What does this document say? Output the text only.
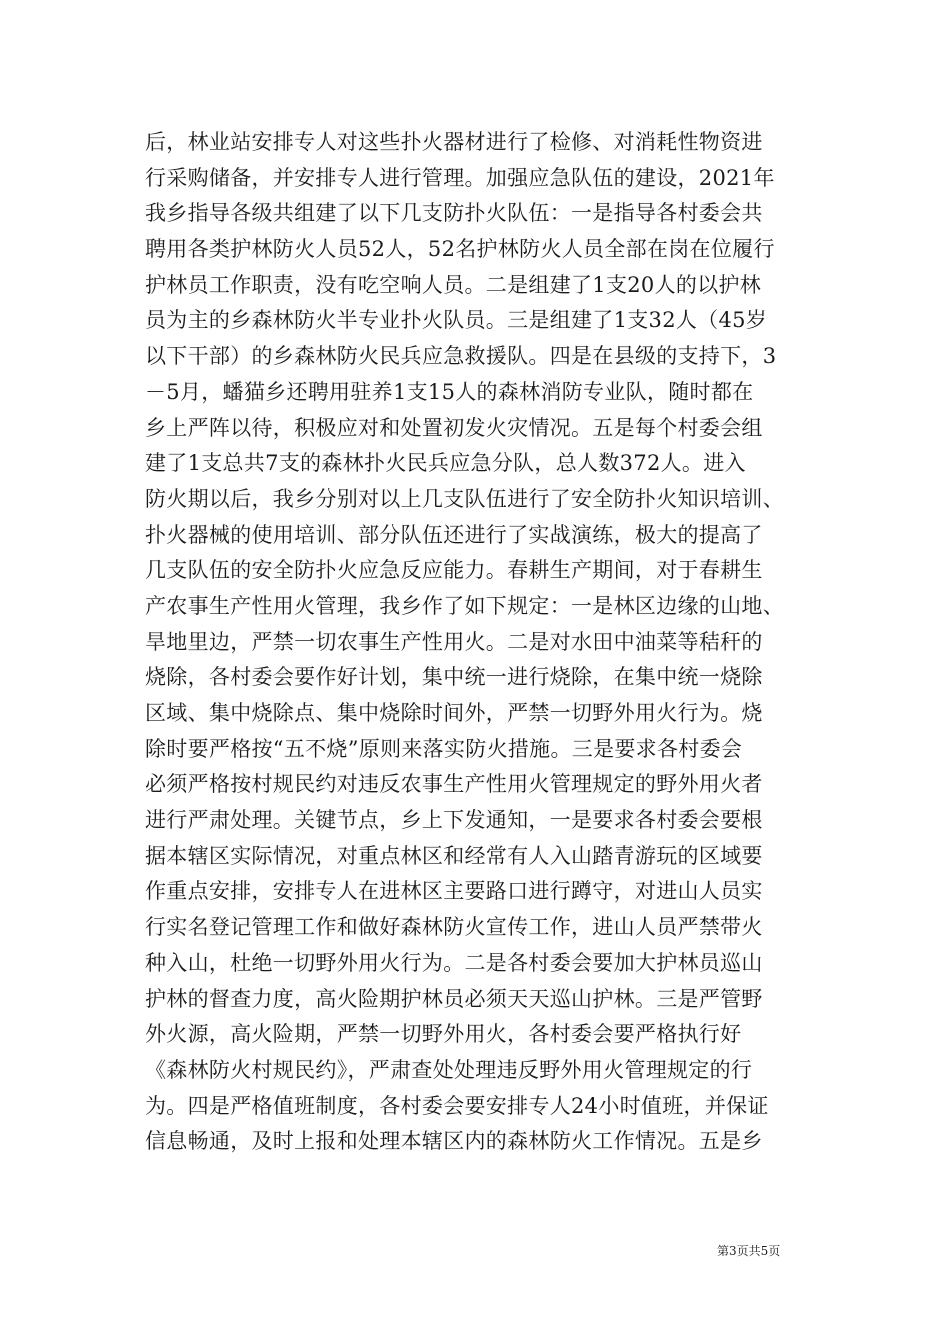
后，林业站安排专人对这些扑火器材进行了检修、对消耗性物资进
行采购储备，并安排专人进行管理。加强应急队伍的建设，2021年
我乡指导各级共组建了以下几支防扑火队伍：一是指导各村委会共
聘用各类护林防火人员52人，52名护林防火人员全部在岗在位履行
护林员工作职责，没有吃空响人员。二是组建了1支20人的以护林
员为主的乡森林防火半专业扑火队员。三是组建了1支32人（45岁
以下干部）的乡森林防火民兵应急救援队。四是在县级的支持下，3
－5月，蟠猫乡还聘用驻养1支15人的森林消防专业队，随时都在
乡上严阵以待，积极应对和处置初发火灾情况。五是每个村委会组
建了1支总共7支的森林扑火民兵应急分队，总人数372人。进入
防火期以后，我乡分别对以上几支队伍进行了安全防扑火知识培训、
扑火器械的使用培训、部分队伍还进行了实战演练，极大的提高了
几支队伍的安全防扑火应急反应能力。春耕生产期间，对于春耕生
产农事生产性用火管理，我乡作了如下规定：一是林区边缘的山地、
旱地里边，严禁一切农事生产性用火。二是对水田中油菜等秸秆的
烧除，各村委会要作好计划，集中统一进行烧除，在集中统一烧除
区域、集中烧除点、集中烧除时间外，严禁一切野外用火行为。烧
除时要严格按“五不烧”原则来落实防火措施。三是要求各村委会
必须严格按村规民约对违反农事生产性用火管理规定的野外用火者
进行严肃处理。关键节点，乡上下发通知，一是要求各村委会要根
据本辖区实际情况，对重点林区和经常有人入山踏青游玩的区域要
作重点安排，安排专人在进林区主要路口进行蹲守，对进山人员实
行实名登记管理工作和做好森林防火宣传工作，进山人员严禁带火
种入山，杜绝一切野外用火行为。二是各村委会要加大护林员巡山
护林的督查力度，高火险期护林员必须天天巡山护林。三是严管野
外火源，高火险期，严禁一切野外用火，各村委会要严格执行好
《森林防火村规民约》，严肃查处处理违反野外用火管理规定的行
为。四是严格值班制度，各村委会要安排专人24小时值班，并保证
信息畅通，及时上报和处理本辖区内的森林防火工作情况。五是乡
第3页共5页
